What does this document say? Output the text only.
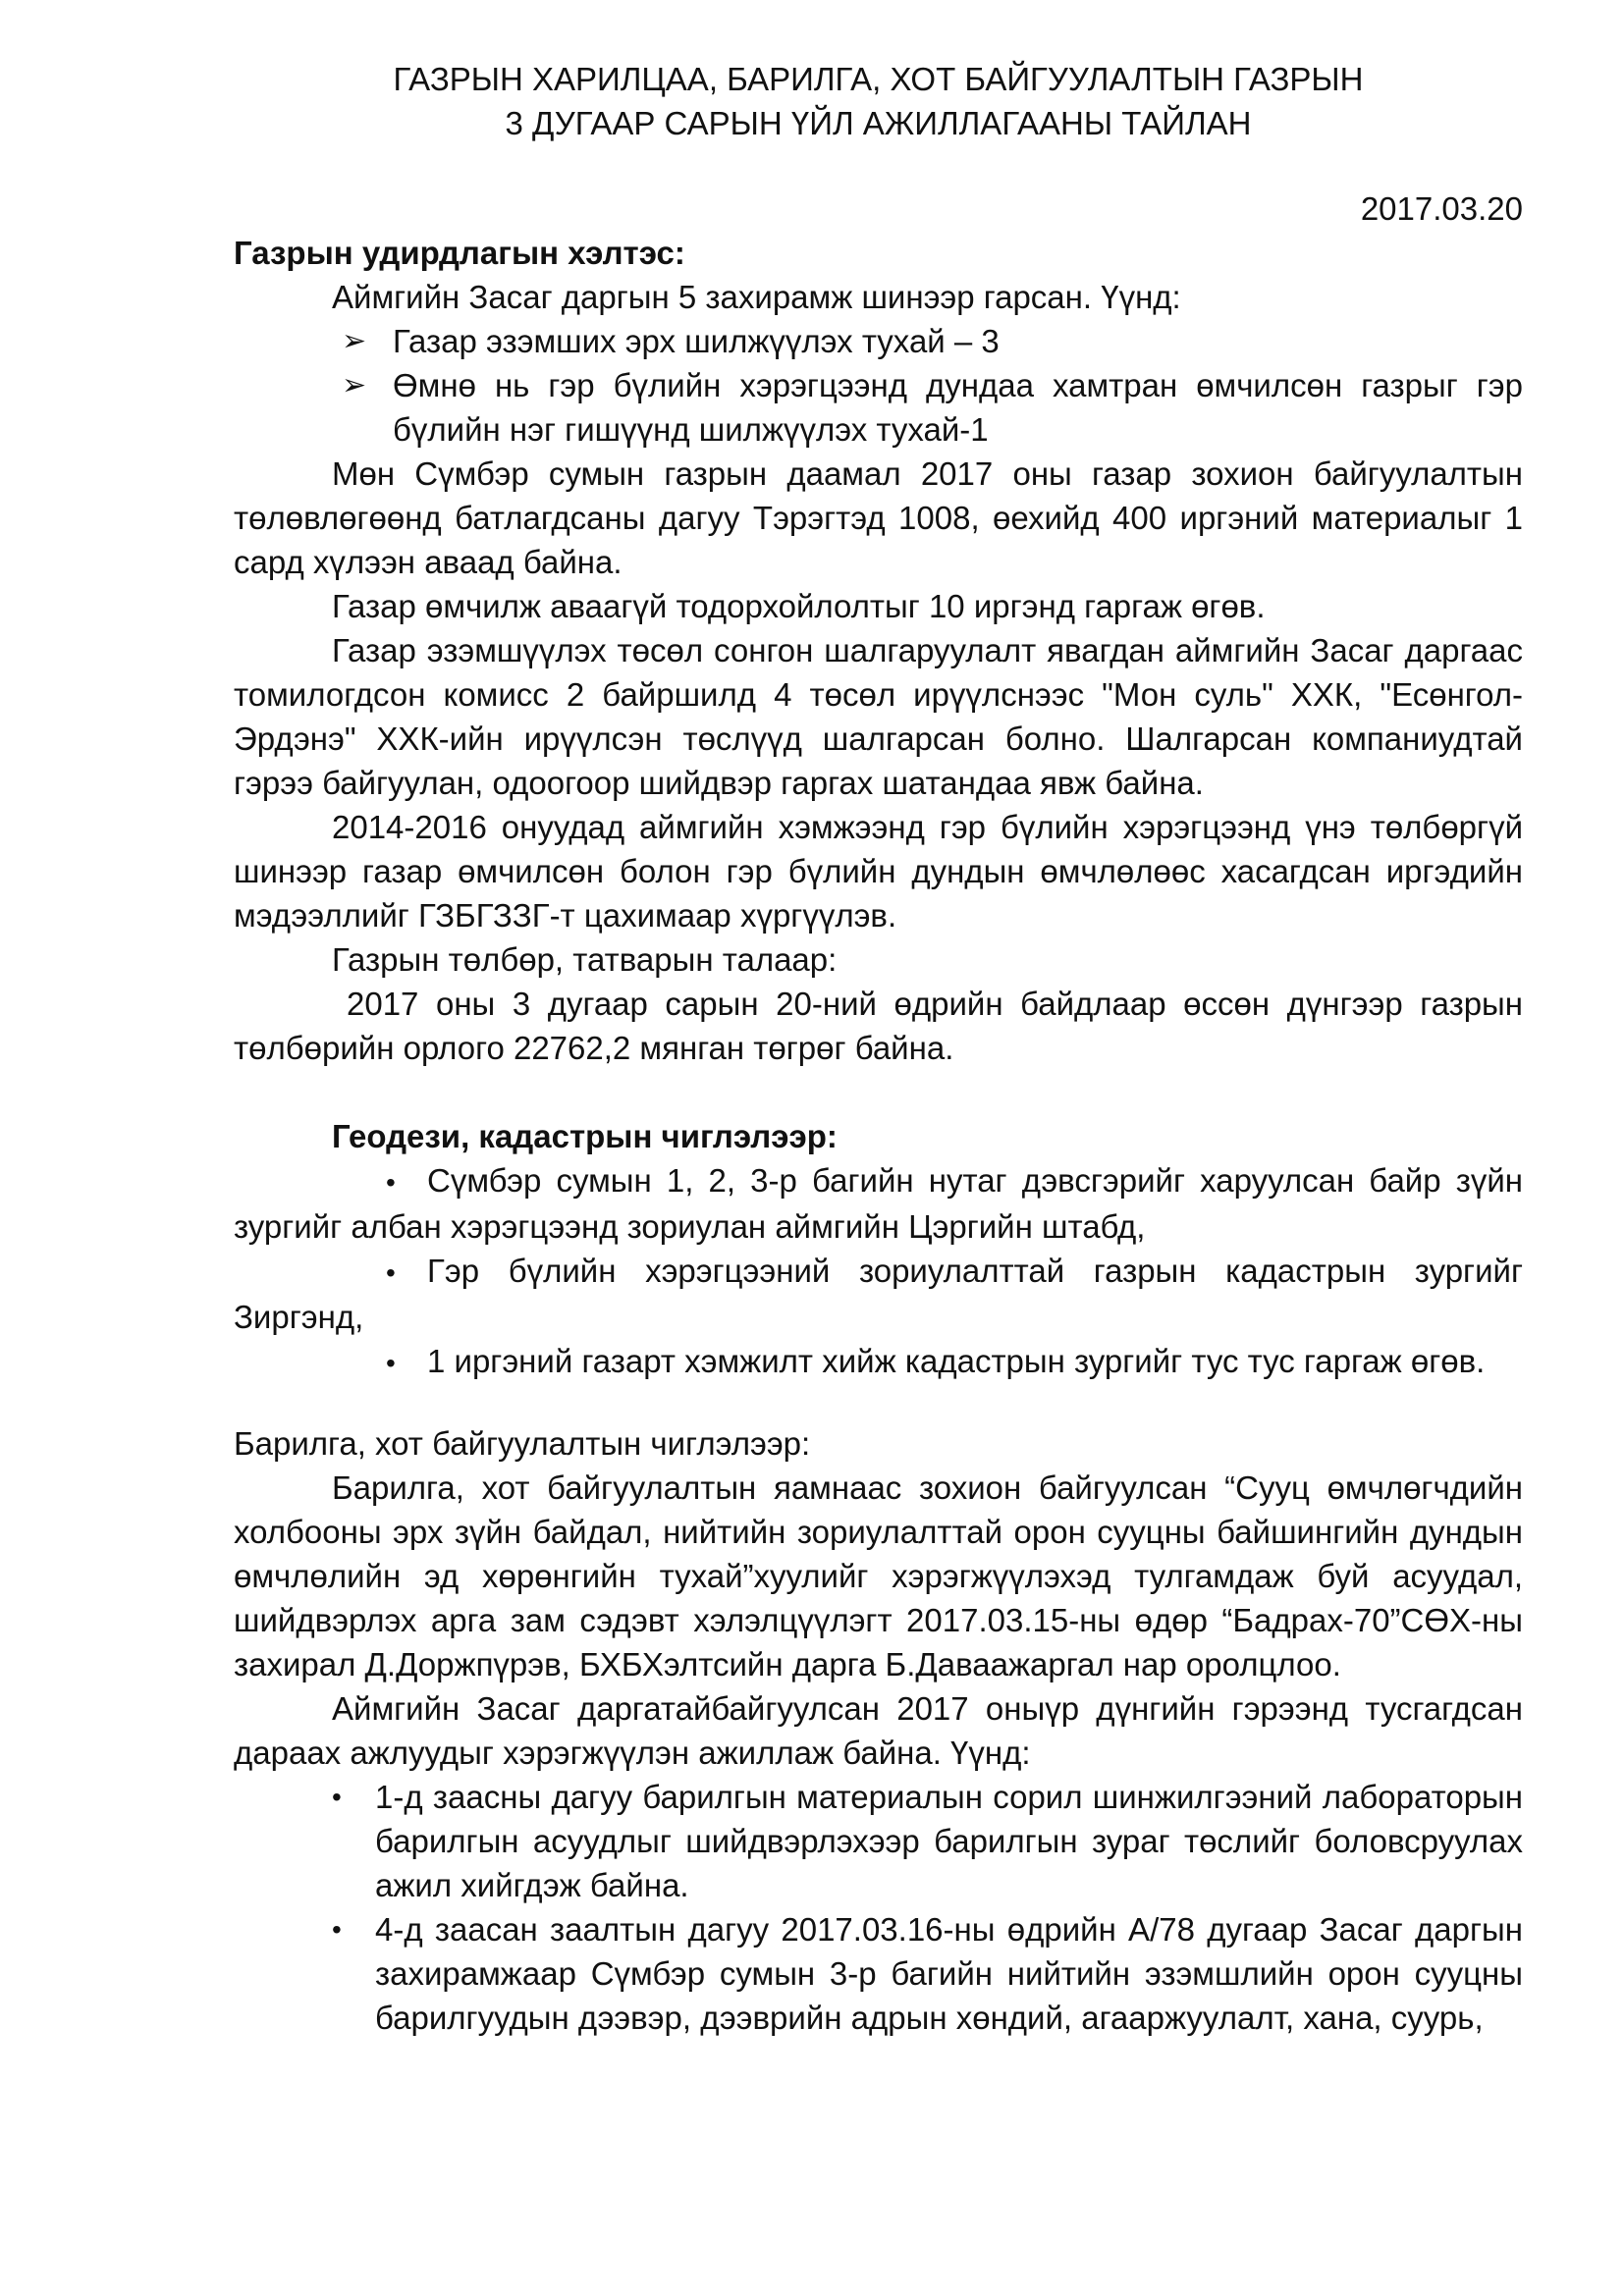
ГАЗРЫН ХАРИЛЦАА, БАРИЛГА, ХОТ БАЙГУУЛАЛТЫН ГАЗРЫН
3 ДУГААР САРЫН ҮЙЛ АЖИЛЛАГААНЫ ТАЙЛАН
2017.03.20
Газрын удирдлагын хэлтэс:

Аймгийн Засаг даргын 5 захирамж шинээр гарсан. Үүнд:

➢ Газар эзэмших эрх шилжүүлэх тухай – 3
➢ Өмнө нь гэр бүлийн хэрэгцээнд дундаа хамтран өмчилсөн газрыг гэр бүлийн нэг гишүүнд шилжүүлэх тухай-1

Мөн Сүмбэр сумын газрын даамал 2017 оны газар зохион байгуулалтын төлөвлөгөөнд батлагдсаны дагуу Тэрэгтэд 1008, өехийд 400 иргэний материалыг 1 сард хүлээн аваад байна.

Газар өмчилж аваагүй тодорхойлолтыг 10 иргэнд гаргаж өгөв.

Газар эзэмшүүлэх төсөл сонгон шалгаруулалт явагдан аймгийн Засаг даргаас томилогдсон комисс 2 байршилд 4 төсөл ирүүлснээс "Мон суль" ХХК, "Есөнгол-Эрдэнэ" ХХК-ийн ирүүлсэн төслүүд шалгарсан болно. Шалгарсан компаниудтай гэрээ байгуулан, одоогоор шийдвэр гаргах шатандаа явж байна.

2014-2016 онуудад аймгийн хэмжээнд гэр бүлийн хэрэгцээнд үнэ төлбөргүй шинээр газар өмчилсөн болон гэр бүлийн дундын өмчлөлөөс хасагдсан иргэдийн мэдээллийг ГЗБГЗЗГ-т цахимаар хүргүүлэв.

Газрын төлбөр, татварын талаар:

2017 оны 3 дугаар сарын 20-ний өдрийн байдлаар өссөн дүнгээр газрын төлбөрийн орлого 22762,2 мянган төгрөг байна.

Геодези, кадастрын чиглэлээр:

• Сүмбэр сумын 1, 2, 3-р багийн нутаг дэвсгэрийг харуулсан байр зүйн зургийг албан хэрэгцээнд зориулан аймгийн Цэргийн штабд,

• Гэр бүлийн хэрэгцээний зориулалттай газрын кадастрын зургийг Зиргэнд,

• 1 иргэний газарт хэмжилт хийж кадастрын зургийг тус тус гаргаж өгөв.

Барилга, хот байгуулалтын чиглэлээр:

Барилга, хот байгуулалтын яамнаас зохион байгуулсан “Сууц өмчлөгчдийн холбооны эрх зүйн байдал, нийтийн зориулалттай орон сууцны байшингийн дундын өмчлөлийн эд хөрөнгийн тухай”хуулийг хэрэгжүүлэхэд тулгамдаж буй асуудал, шийдвэрлэх арга зам сэдэвт хэлэлцүүлэгт 2017.03.15-ны өдөр “Бадрах-70”СӨХ-ны захирал Д.Доржпүрэв, БХБХэлтсийн дарга Б.Даваажаргал нар оролцлоо.

Аймгийн Засаг даргатайбайгуулсан 2017 оныүр дүнгийн гэрээнд тусгагдсан дараах ажлуудыг хэрэгжүүлэн ажиллаж байна. Үүнд:

• 1-д заасны дагуу барилгын материалын сорил шинжилгээний лабораторын барилгын асуудлыг шийдвэрлэхээр барилгын зураг төслийг боловсруулах ажил хийгдэж байна.
• 4-д заасан заалтын дагуу 2017.03.16-ны өдрийн А/78 дугаар Засаг даргын захирамжаар Сүмбэр сумын 3-р багийн нийтийн эзэмшлийн орон сууцны барилгуудын дээвэр, дээврийн адрын хөндий, агааржуулалт, хана, суурь,
